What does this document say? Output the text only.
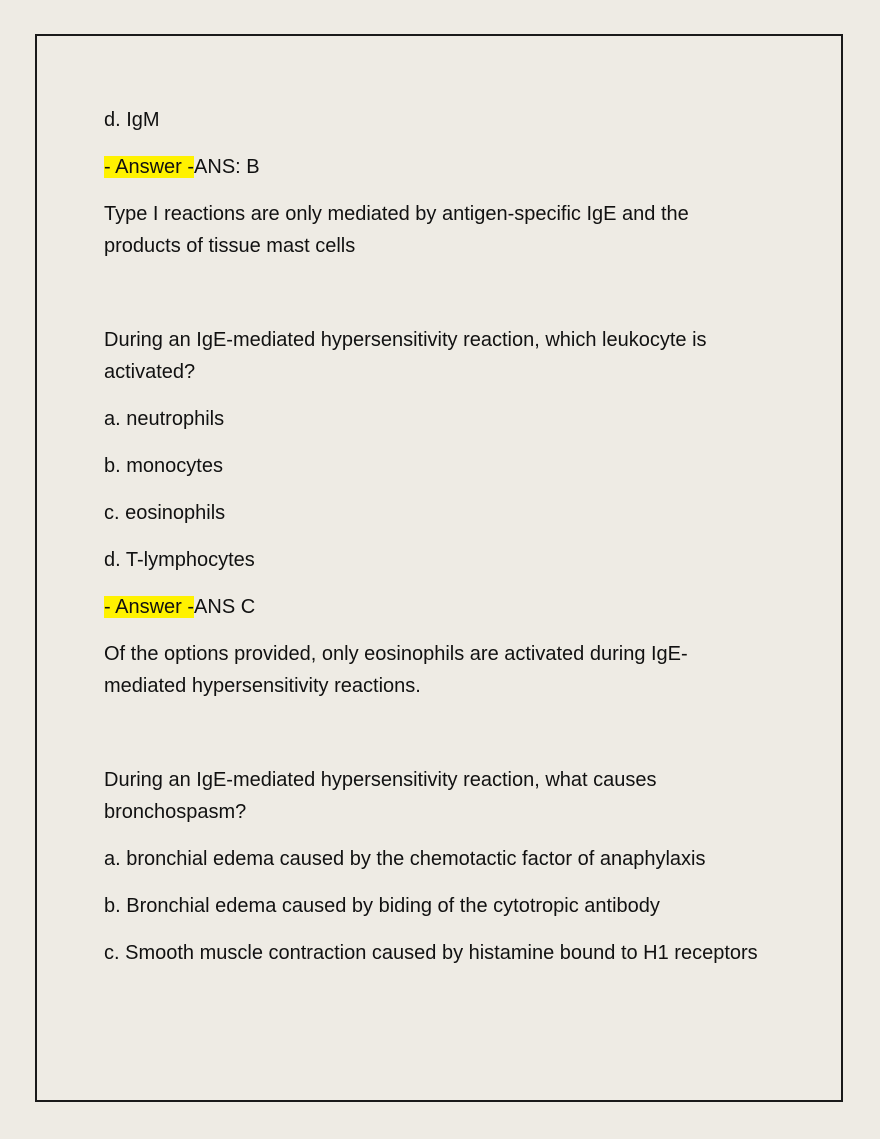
d. IgM

- Answer -ANS: B

Type I reactions are only mediated by antigen-specific IgE and the products of tissue mast cells

During an IgE-mediated hypersensitivity reaction, which leukocyte is activated?

a. neutrophils

b. monocytes

c. eosinophils

d. T-lymphocytes

- Answer -ANS C

Of the options provided, only eosinophils are activated during IgE-mediated hypersensitivity reactions.

During an IgE-mediated hypersensitivity reaction, what causes bronchospasm?

a. bronchial edema caused by the chemotactic factor of anaphylaxis

b. Bronchial edema caused by biding of the cytotropic antibody

c. Smooth muscle contraction caused by histamine bound to H1 receptors
